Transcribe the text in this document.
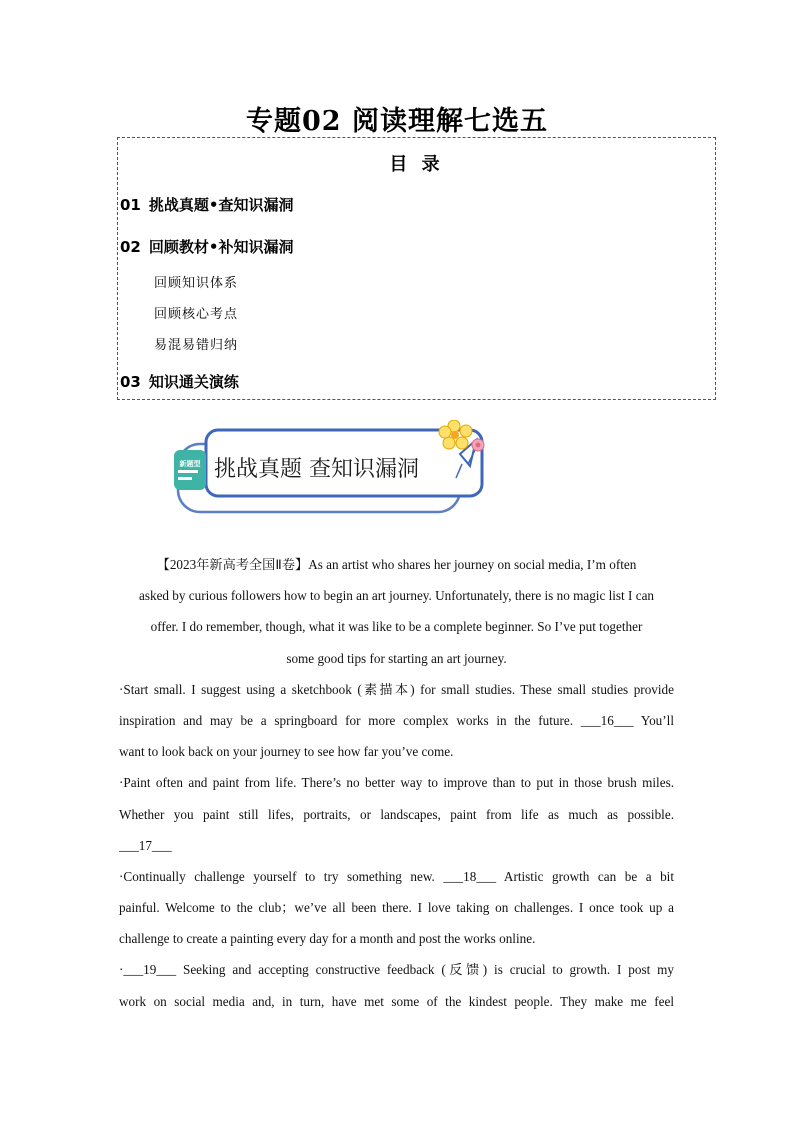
专题02 阅读理解七选五
目 录
01 挑战真题•查知识漏洞
02 回顾教材•补知识漏洞
回顾知识体系
回顾核心考点
易混易错归纳
03 知识通关演练
新题型 挑战真题 查知识漏洞
【2023年新高考全国Ⅱ卷】As an artist who shares her journey on social media, I’m often
asked by curious followers how to begin an art journey. Unfortunately, there is no magic list I can
offer. I do remember, though, what it was like to be a complete beginner. So I’ve put together
some good tips for starting an art journey.
·Start small. I suggest using a sketchbook (素描本) for small studies. These small studies provide
inspiration and may be a springboard for more complex works in the future. ___16___ You’ll
want to look back on your journey to see how far you’ve come.
·Paint often and paint from life. There’s no better way to improve than to put in those brush miles.
Whether you paint still lifes, portraits, or landscapes, paint from life as much as possible.
___17___
·Continually challenge yourself to try something new. ___18___ Artistic growth can be a bit
painful. Welcome to the club；we’ve all been there. I love taking on challenges. I once took up a
challenge to create a painting every day for a month and post the works online.
·___19___ Seeking and accepting constructive feedback (反馈) is crucial to growth. I post my
work on social media and, in turn, have met some of the kindest people. They make me feel
